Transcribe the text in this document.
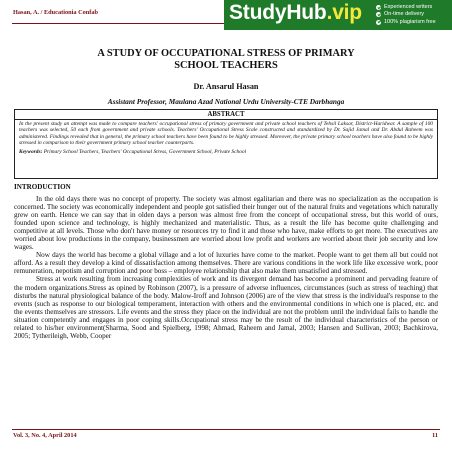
Hasan, A. / Educationia Confab	StudyHub.vip	Experienced writers
On-time delivery
100% plagiarism free
A STUDY OF OCCUPATIONAL STRESS OF PRIMARY
SCHOOL TEACHERS
Dr. Ansarul Hasan
Assistant Professor, Maulana Azad National Urdu University-CTE Darbhanga
ABSTRACT
In the present study an attempt was made to compare teachers' occupational stress of primary government and private school teachers of Tehsil Laksar, District-Haridwar. A sample of 100 teachers was selected, 50 each from government and private schools. Teachers' Occupational Stress Scale constructed and standardized by Dr. Sajid Jamal and Dr. Abdul Raheem was administered. Findings revealed that in general, the primary school teachers have been found to be highly stressed. Moreover, the private primary school teachers have also found to be highly stressed in comparison to their government primary school teacher counterparts.
Keywords: Primary School Teachers, Teachers' Occupational Stress, Government School, Private School
INTRODUCTION

In the old days there was no concept of property. The society was almost egalitarian and there was no specialization as the occupation is concerned. The society was economically independent and people got satisfied their hunger out of the natural fruits and vegetations which naturally grew on earth. Hence we can say that in olden days a person was almost free from the concept of occupational stress, but this world of ours, founded upon science and technology, is highly mechanized and materialistic. Thus, as a result the life has become quite challenging and competitive at all levels. Those who don't have money or resources try to find it and those who have, make efforts to get more. The executives are worried about low productions in the company, businessmen are worried about low profit and workers are worried about their job security and low wages.

Now days the world has become a global village and a lot of luxuries have come to the market. People want to get them all but could not afford. As a result they develop a kind of dissatisfaction among themselves. There are various conditions in the work life like excessive work, poor remuneration, nepotism and corruption and poor boss – employee relationship that also make them unsatisfied and stressed.

Stress at work resulting from increasing complexities of work and its divergent demand has become a prominent and pervading feature of the modern organizations.Stress as opined by Robinson (2007), is a pressure of adverse influences, circumstances (such as stress of teaching) that disturbs the natural physiological balance of the body. Malow-Iroff and Johnson (2006) are of the view that stress is the individual's response to the events (such as response to our biological temperament, interaction with others and the environmental conditions in which one is placed, etc. and the events themselves are stressors. Life events and the stress they place on the individual are not the problem until the individual fails to handle the situation competently and engages in poor coping skills.Occupational stress may be the result of the individual characteristics of the person or related to his/her environment(Sharma, Sood and Spielberg, 1998; Ahmad, Raheem and Jamal, 2003; Hansen and Sullivan, 2003; Bachkirova, 2005; Tytherileigh, Webb, Cooper

Vol. 3, No. 4, April 2014	11
